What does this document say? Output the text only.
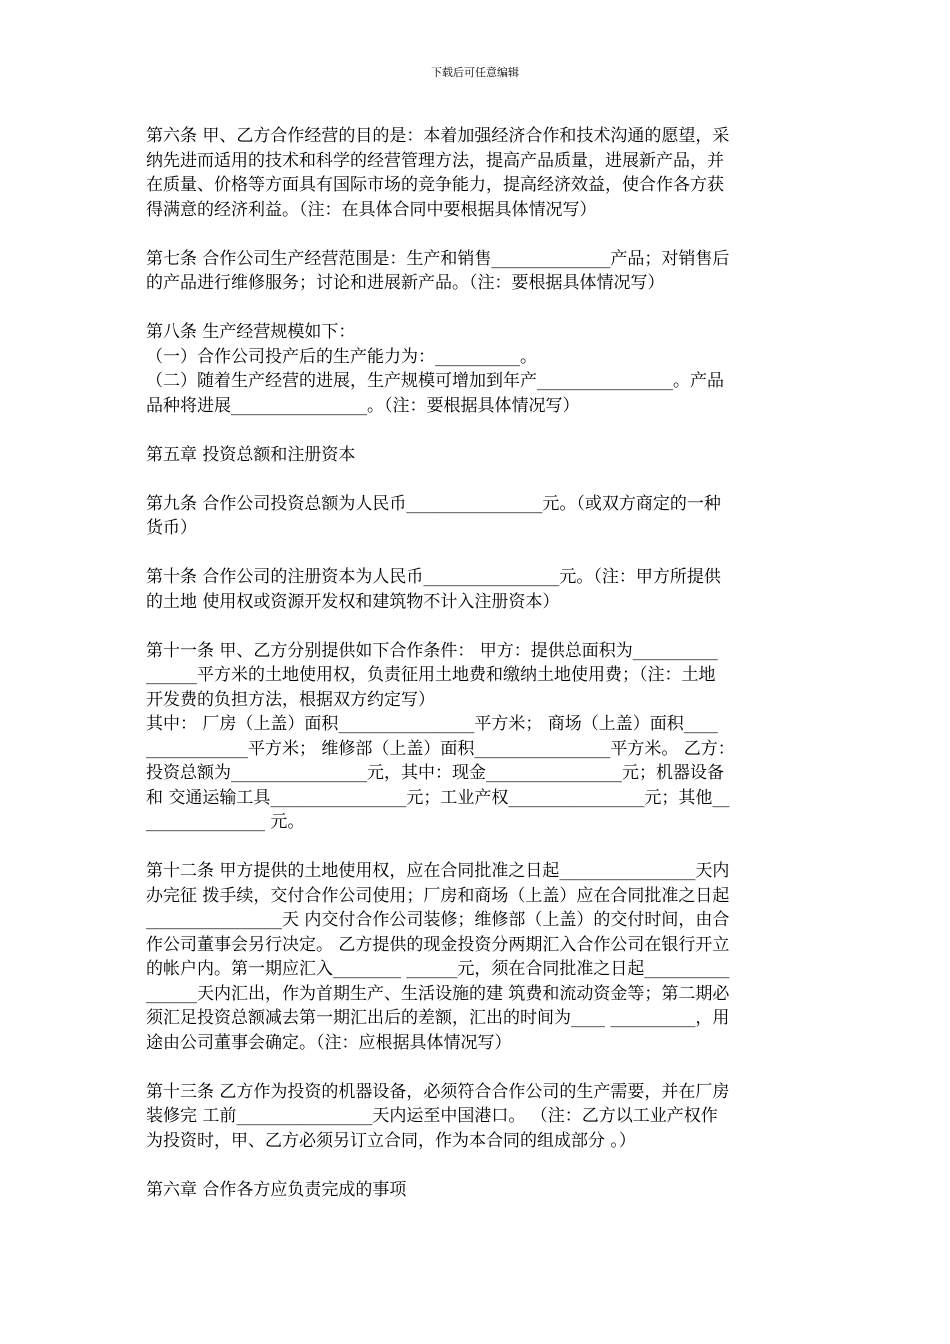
下载后可任意编辑
第六条 甲、乙方合作经营的目的是：本着加强经济合作和技术沟通的愿望，采
纳先进而适用的技术和科学的经营管理方法，提高产品质量，进展新产品，并
在质量、价格等方面具有国际市场的竞争能力，提高经济效益，使合作各方获
得满意的经济利益。（注：在具体合同中要根据具体情况写）
第七条 合作公司生产经营范围是：生产和销售______________产品；对销售后
的产品进行维修服务；讨论和进展新产品。（注：要根据具体情况写）
第八条 生产经营规模如下：
（一）合作公司投产后的生产能力为：__________。
（二）随着生产经营的进展，生产规模可增加到年产________________。产品
品种将进展________________。（注：要根据具体情况写）
第五章 投资总额和注册资本
第九条 合作公司投资总额为人民币________________元。（或双方商定的一种
货币）
第十条 合作公司的注册资本为人民币________________元。（注：甲方所提供
的土地 使用权或资源开发权和建筑物不计入注册资本）
第十一条 甲、乙方分别提供如下合作条件： 甲方：提供总面积为__________
______平方米的土地使用权，负责征用土地费和缴纳土地使用费；（注：土地
开发费的负担方法，根据双方约定写）
其中： 厂房（上盖）面积________________平方米； 商场（上盖）面积____
____________平方米； 维修部（上盖）面积________________平方米。 乙方：
投资总额为________________元，其中：现金________________元；机器设备
和 交通运输工具________________元；工业产权________________元；其他__
______________ 元。
第十二条 甲方提供的土地使用权，应在合同批准之日起________________天内
办完征 拨手续，交付合作公司使用；厂房和商场（上盖）应在合同批准之日起
________________天 内交付合作公司装修；维修部（上盖）的交付时间，由合
作公司董事会另行决定。 乙方提供的现金投资分两期汇入合作公司在银行开立
的帐户内。第一期应汇入________ ______元，须在合同批准之日起__________
______天内汇出，作为首期生产、生活设施的建 筑费和流动资金等；第二期必
须汇足投资总额减去第一期汇出后的差额，汇出的时间为____ __________，用
途由公司董事会确定。（注：应根据具体情况写）
第十三条 乙方作为投资的机器设备，必须符合合作公司的生产需要，并在厂房
装修完 工前________________天内运至中国港口。 （注：乙方以工业产权作
为投资时，甲、乙方必须另订立合同，作为本合同的组成部分 。）
第六章 合作各方应负责完成的事项
